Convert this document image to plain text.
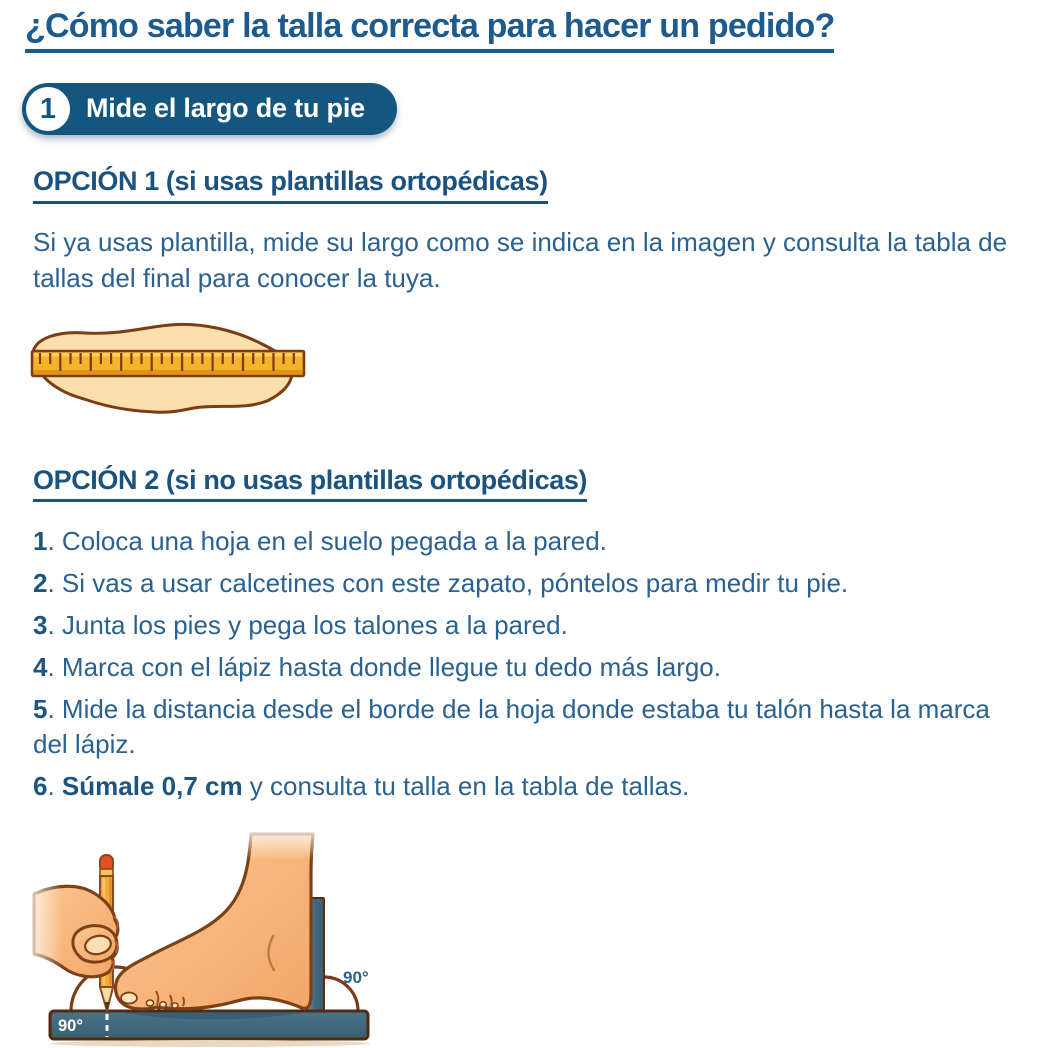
¿Cómo saber la talla correcta para hacer un pedido?
1 Mide el largo de tu pie
OPCIÓN 1 (si usas plantillas ortopédicas)

Si ya usas plantilla, mide su largo como se indica en la imagen y consulta la tabla de tallas del final para conocer la tuya.

OPCIÓN 2 (si no usas plantillas ortopédicas)
1. Coloca una hoja en el suelo pegada a la pared.
2. Si vas a usar calcetines con este zapato, póntelos para medir tu pie.
3. Junta los pies y pega los talones a la pared.
4. Marca con el lápiz hasta donde llegue tu dedo más largo.
5. Mide la distancia desde el borde de la hoja donde estaba tu talón hasta la marca del lápiz.
6. Súmale 0,7 cm y consulta tu talla en la tabla de tallas.
90°
90°
